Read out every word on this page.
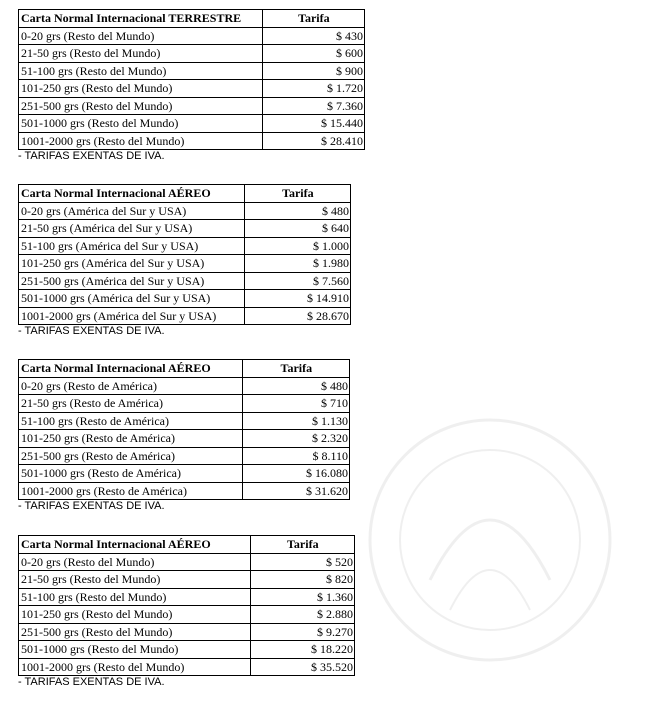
Carta Normal Internacional TERRESTRE	Tarifa
0-20 grs (Resto del Mundo)	$ 430
21-50 grs (Resto del Mundo)	$ 600
51-100 grs (Resto del Mundo)	$ 900
101-250 grs (Resto del Mundo)	$ 1.720
251-500 grs (Resto del Mundo)	$ 7.360
501-1000 grs (Resto del Mundo)	$ 15.440
1001-2000 grs (Resto del Mundo)	$ 28.410

- TARIFAS EXENTAS DE IVA.

Carta Normal Internacional AÉREO	Tarifa
0-20 grs (América del Sur y USA)	$ 480
21-50 grs (América del Sur y USA)	$ 640
51-100 grs (América del Sur y USA)	$ 1.000
101-250 grs (América del Sur y USA)	$ 1.980
251-500 grs (América del Sur y USA)	$ 7.560
501-1000 grs (América del Sur y USA)	$ 14.910
1001-2000 grs (América del Sur y USA)	$ 28.670

- TARIFAS EXENTAS DE IVA.

Carta Normal Internacional AÉREO	Tarifa
0-20 grs (Resto de América)	$ 480
21-50 grs (Resto de América)	$ 710
51-100 grs (Resto de América)	$ 1.130
101-250 grs (Resto de América)	$ 2.320
251-500 grs (Resto de América)	$ 8.110
501-1000 grs (Resto de América)	$ 16.080
1001-2000 grs (Resto de América)	$ 31.620

- TARIFAS EXENTAS DE IVA.

Carta Normal Internacional AÉREO	Tarifa
0-20 grs (Resto del Mundo)	$ 520
21-50 grs (Resto del Mundo)	$ 820
51-100 grs (Resto del Mundo)	$ 1.360
101-250 grs (Resto del Mundo)	$ 2.880
251-500 grs (Resto del Mundo)	$ 9.270
501-1000 grs (Resto del Mundo)	$ 18.220
1001-2000 grs (Resto del Mundo)	$ 35.520

- TARIFAS EXENTAS DE IVA.
